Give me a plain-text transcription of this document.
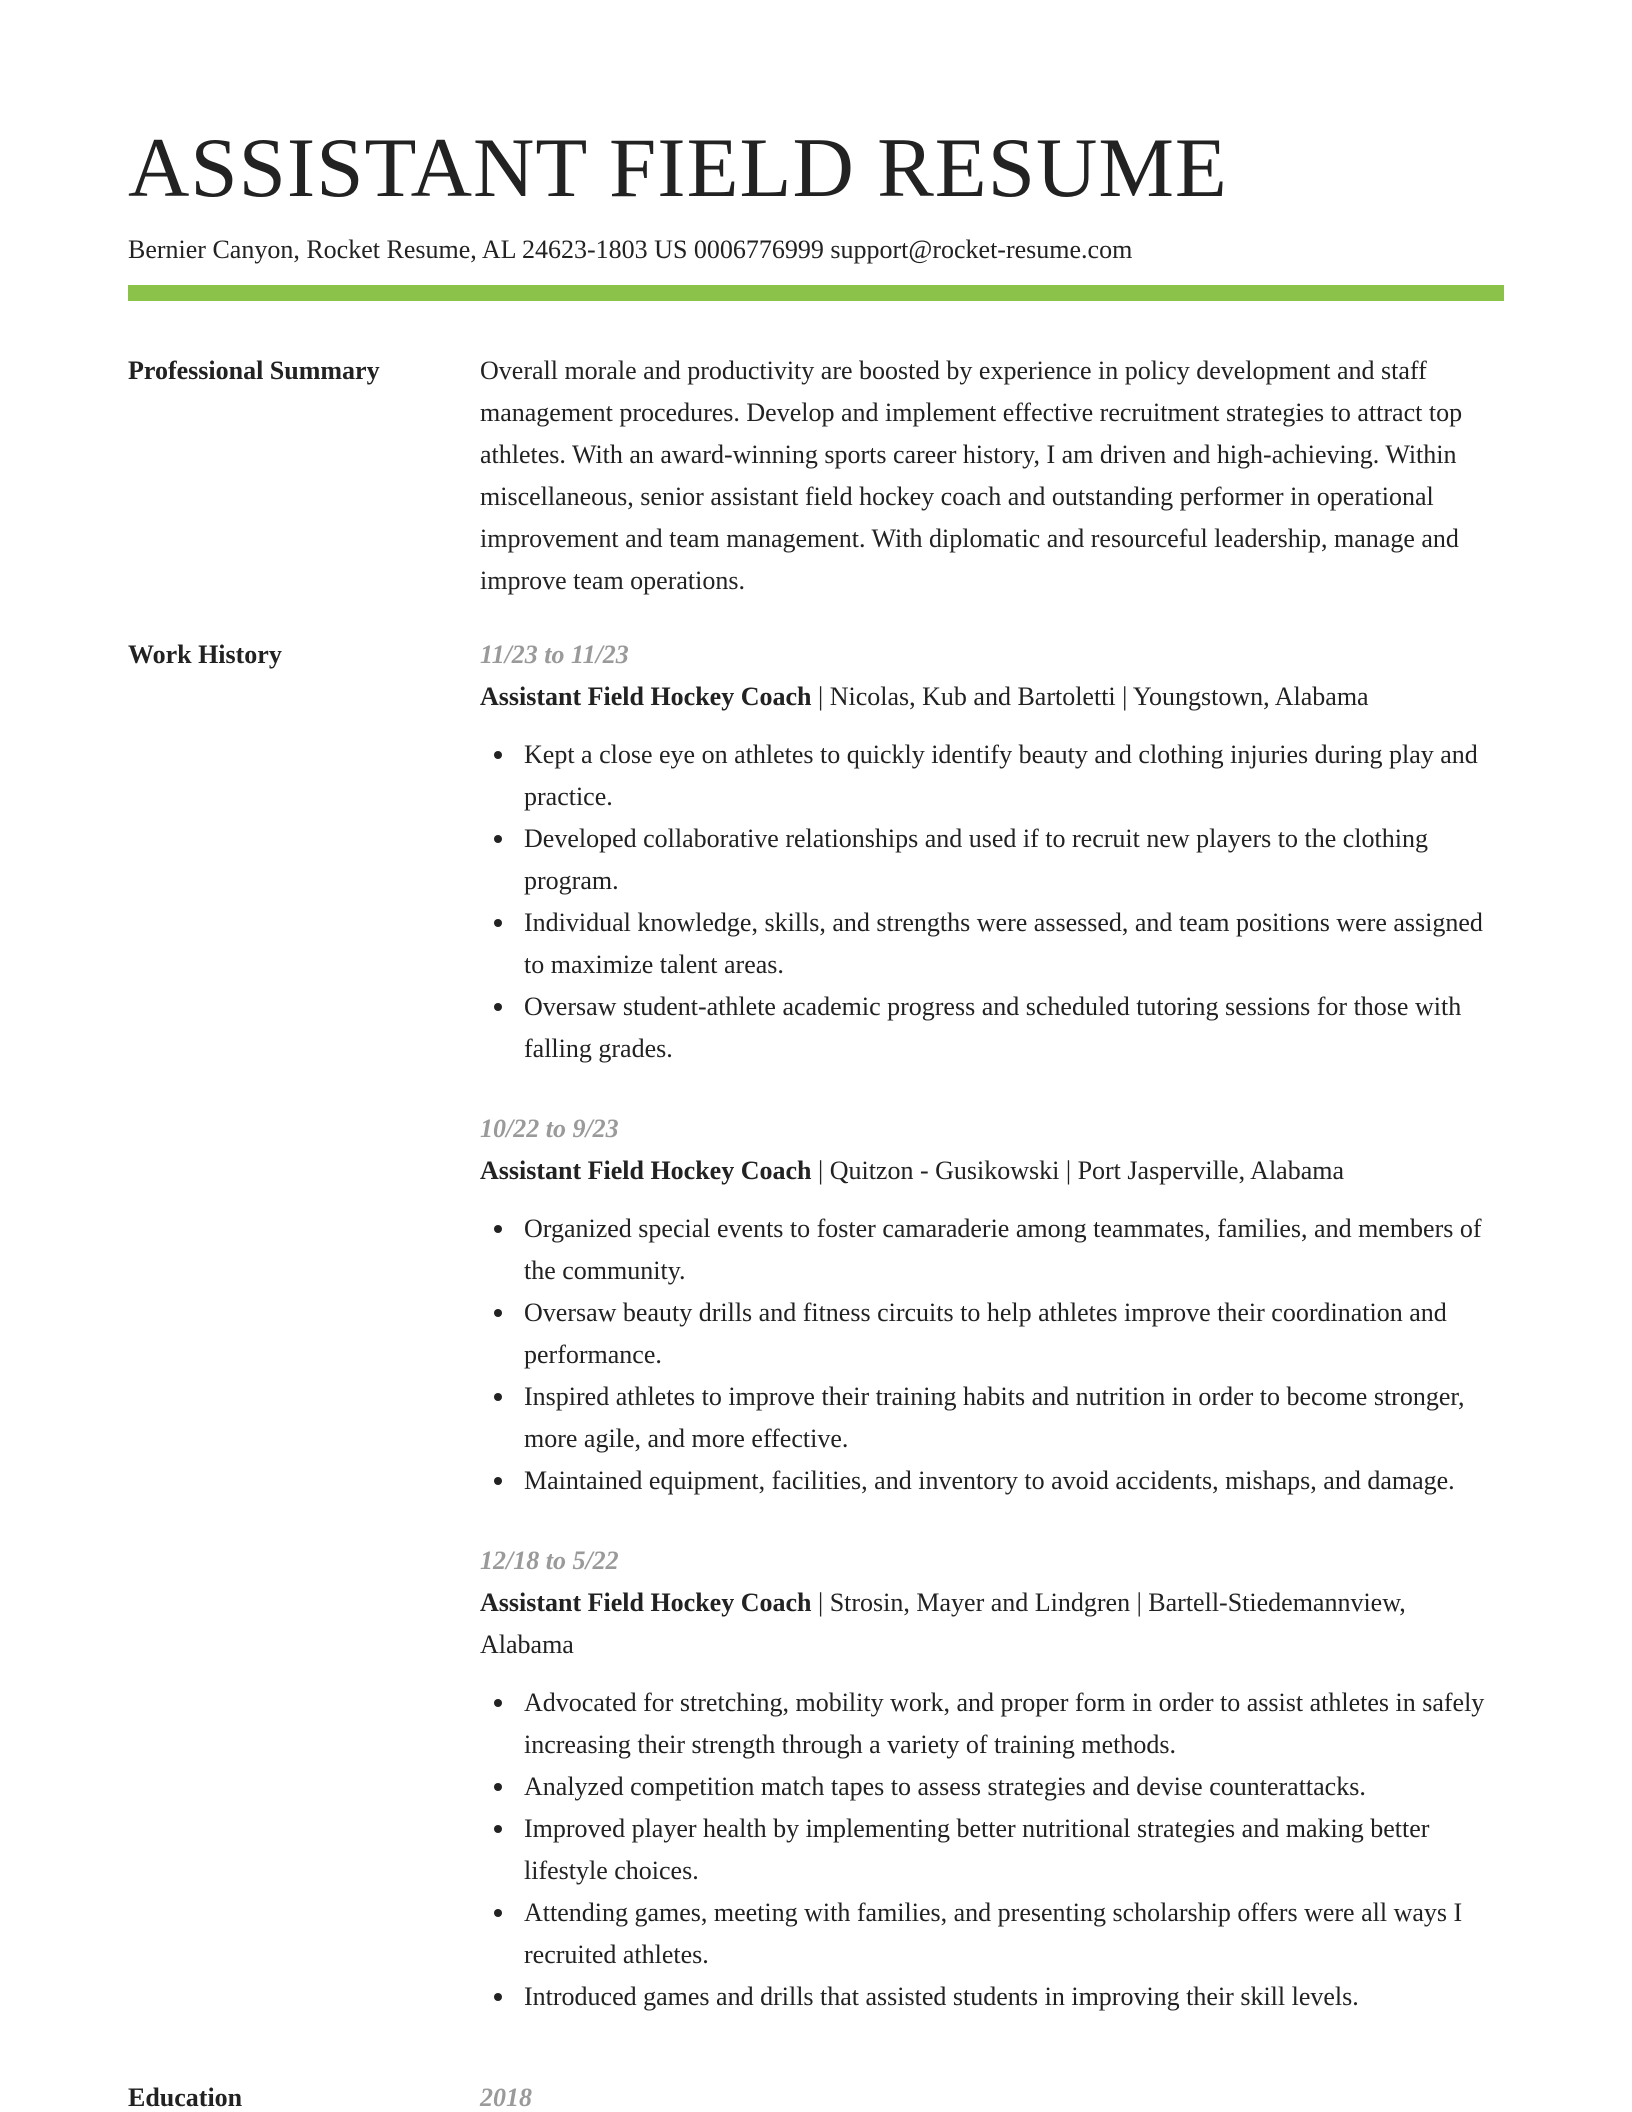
ASSISTANT FIELD RESUME
Bernier Canyon, Rocket Resume, AL 24623-1803 US 0006776999 support@rocket-resume.com
Professional Summary	Overall morale and productivity are boosted by experience in policy development and staff management procedures. Develop and implement effective recruitment strategies to attract top athletes. With an award-winning sports career history, I am driven and high-achieving. Within miscellaneous, senior assistant field hockey coach and outstanding performer in operational improvement and team management. With diplomatic and resourceful leadership, manage and improve team operations.
Work History	11/23 to 11/23
Assistant Field Hockey Coach | Nicolas, Kub and Bartoletti | Youngstown, Alabama
Kept a close eye on athletes to quickly identify beauty and clothing injuries during play and practice.
Developed collaborative relationships and used if to recruit new players to the clothing program.
Individual knowledge, skills, and strengths were assessed, and team positions were assigned to maximize talent areas.
Oversaw student-athlete academic progress and scheduled tutoring sessions for those with falling grades.
10/22 to 9/23
Assistant Field Hockey Coach | Quitzon - Gusikowski | Port Jasperville, Alabama
Organized special events to foster camaraderie among teammates, families, and members of the community.
Oversaw beauty drills and fitness circuits to help athletes improve their coordination and performance.
Inspired athletes to improve their training habits and nutrition in order to become stronger, more agile, and more effective.
Maintained equipment, facilities, and inventory to avoid accidents, mishaps, and damage.
12/18 to 5/22
Assistant Field Hockey Coach | Strosin, Mayer and Lindgren | Bartell-Stiedemannview, Alabama
Advocated for stretching, mobility work, and proper form in order to assist athletes in safely increasing their strength through a variety of training methods.
Analyzed competition match tapes to assess strategies and devise counterattacks.
Improved player health by implementing better nutritional strategies and making better lifestyle choices.
Attending games, meeting with families, and presenting scholarship offers were all ways I recruited athletes.
Introduced games and drills that assisted students in improving their skill levels.
Education	2018
